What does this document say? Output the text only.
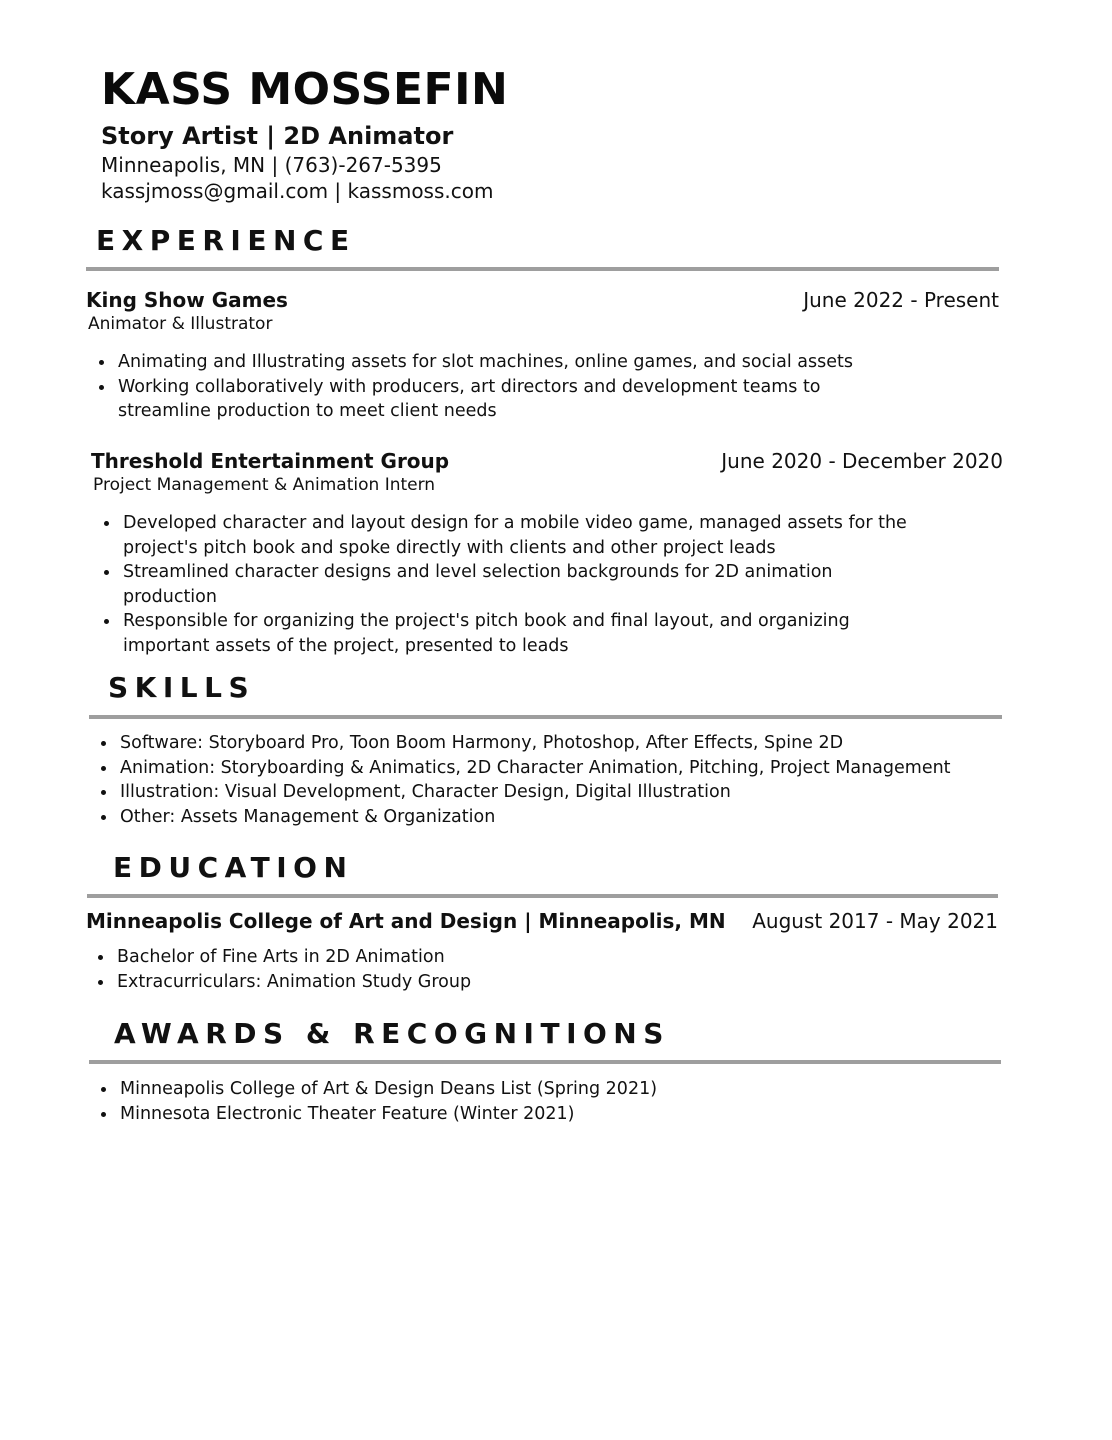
KASS MOSSEFIN
Story Artist | 2D Animator
Minneapolis, MN | (763)-267-5395
kassjmoss@gmail.com | kassmoss.com
EXPERIENCE
King Show Games	June 2022 - Present
Animator & Illustrator
Animating and Illustrating assets for slot machines, online games, and social assets
Working collaboratively with producers, art directors and development teams to streamline production to meet client needs
Threshold Entertainment Group	June 2020 - December 2020
Project Management & Animation Intern
Developed character and layout design for a mobile video game, managed assets for the project's pitch book and spoke directly with clients and other project leads
Streamlined character designs and level selection backgrounds for 2D animation production
Responsible for organizing the project's pitch book and final layout, and organizing important assets of the project, presented to leads
SKILLS
Software: Storyboard Pro, Toon Boom Harmony, Photoshop, After Effects, Spine 2D
Animation: Storyboarding & Animatics, 2D Character Animation, Pitching, Project Management
Illustration: Visual Development, Character Design, Digital Illustration
Other: Assets Management & Organization
EDUCATION
Minneapolis College of Art and Design | Minneapolis, MN August 2017 - May 2021
Bachelor of Fine Arts in 2D Animation
Extracurriculars: Animation Study Group
AWARDS & RECOGNITIONS
Minneapolis College of Art & Design Deans List (Spring 2021)
Minnesota Electronic Theater Feature (Winter 2021)
